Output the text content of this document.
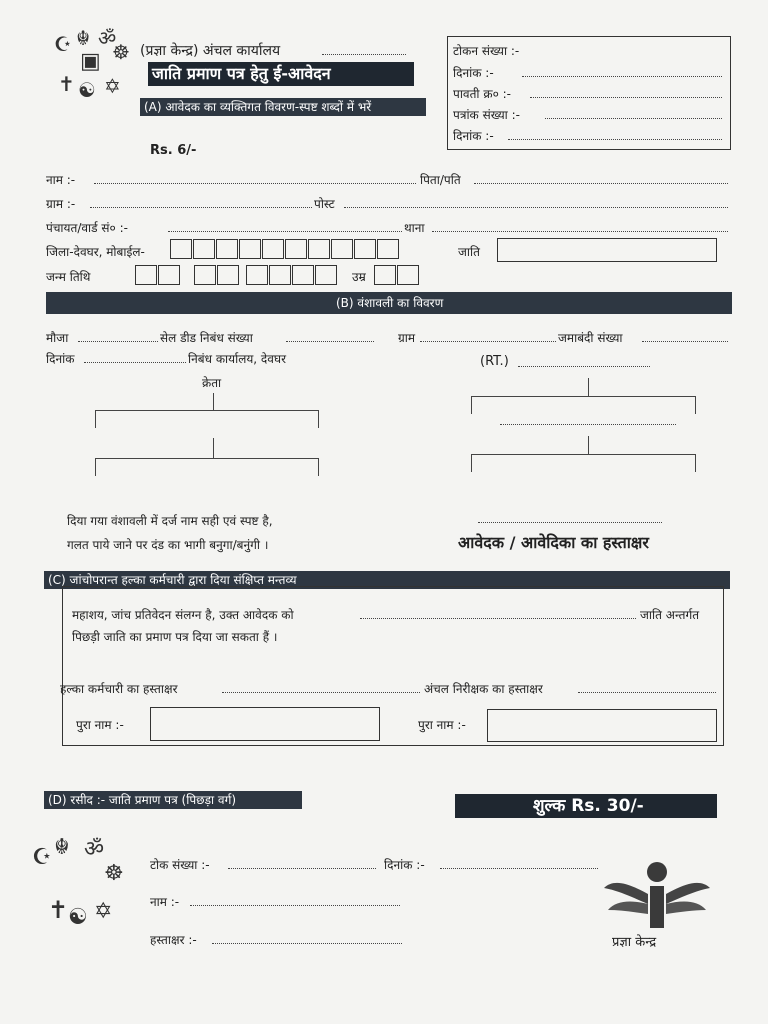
☪ ☬ ॐ
☸
▣
✝ ☯ ✡
(प्रज्ञा केन्द्र) अंचल कार्यालय
जाति प्रमाण पत्र हेतु ई-आवेदन
(A) आवेदक का व्यक्तिगत विवरण-स्पष्ट शब्दों में भरें
Rs. 6/-
टोकन संख्या :-
दिनांक :-
पावती क्र० :-
पत्रांक संख्या :-
दिनांक :-
नाम :-	पिता/पति
ग्राम :-	पोस्ट
पंचायत/वार्ड सं० :-	थाना
जिला-देवघर, मोबाईल-	जाति
जन्म तिथि	उम्र
(B) वंशावली का विवरण
मौजा	सेल डीड निबंध संख्या	ग्राम	जमाबंदी संख्या
दिनांक	निबंध कार्यालय, देवघर	(RT.)
क्रेता
दिया गया वंशावली में दर्ज नाम सही एवं स्पष्ट है,
गलत पाये जाने पर दंड का भागी बनुगा/बनुंगी ।	आवेदक / आवेदिका का हस्ताक्षर
(C) जांचोपरान्त हल्का कर्मचारी द्वारा दिया संक्षिप्त मन्तव्य
महाशय, जांच प्रतिवेदन संलग्न है, उक्त आवेदक को	जाति अन्तर्गत
पिछड़ी जाति का प्रमाण पत्र दिया जा सकता हैं ।
हल्का कर्मचारी का हस्ताक्षर	अंचल निरीक्षक का हस्ताक्षर
पुरा नाम :-	पुरा नाम :-
(D) रसीद :- जाति प्रमाण पत्र (पिछड़ा वर्ग)	शुल्क Rs. 30/-
☪ ☬ ॐ
☸
✝ ☯ ✡
टोक संख्या :-	दिनांक :-
नाम :-
हस्ताक्षर :-	प्रज्ञा केन्द्र
